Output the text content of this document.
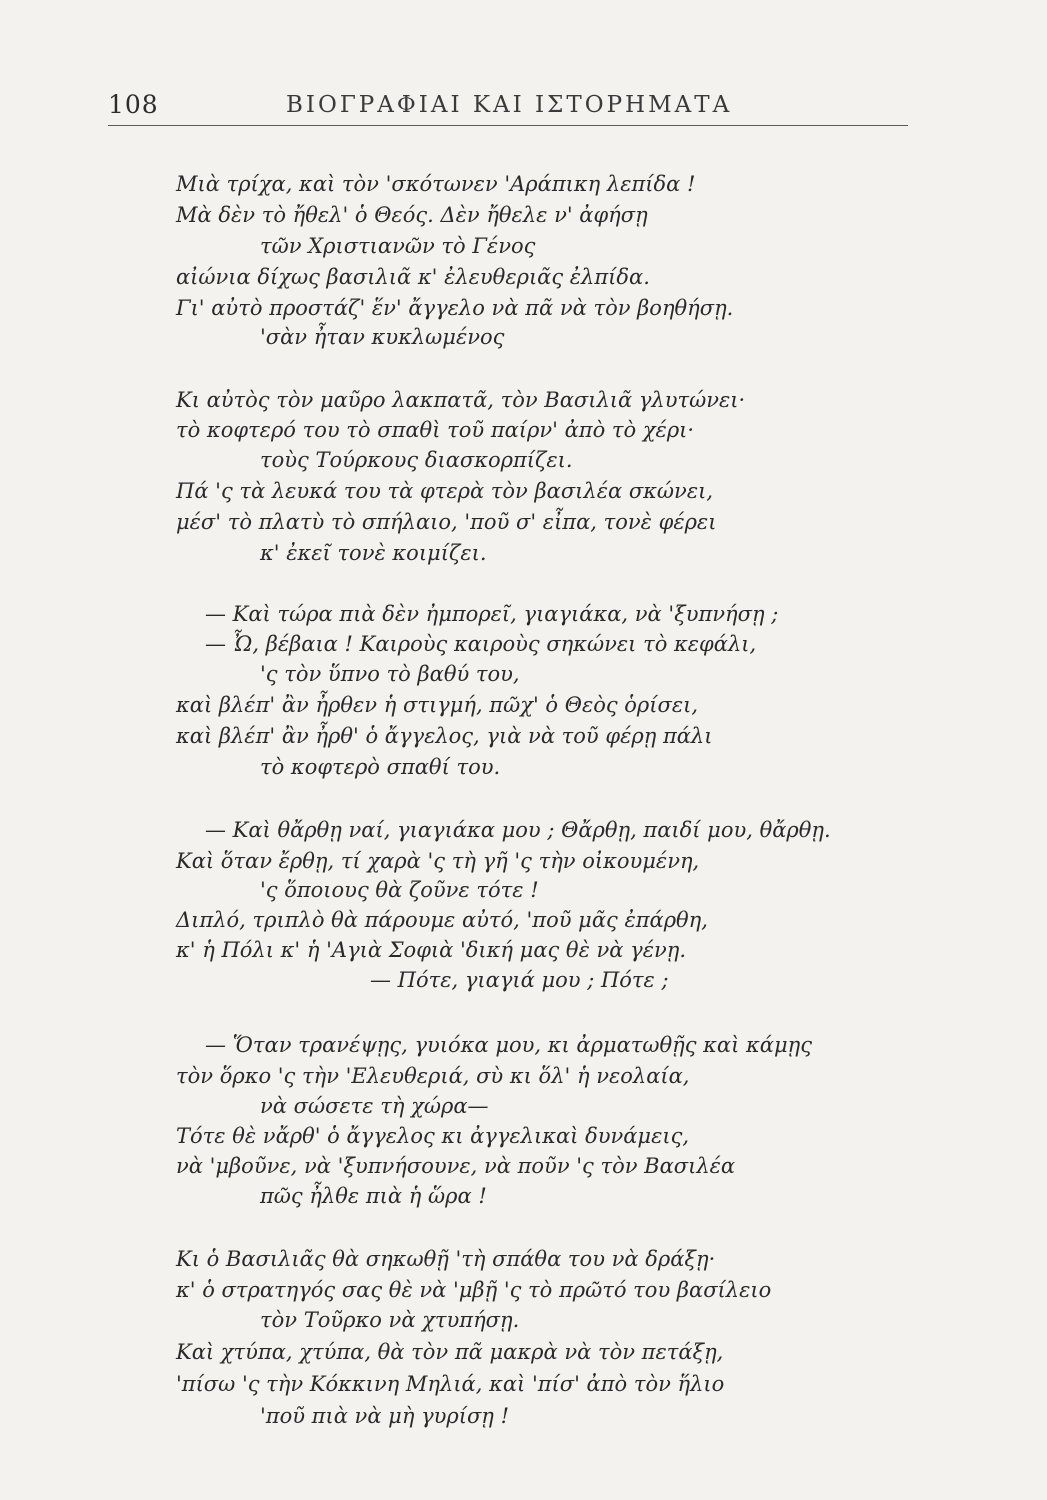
108	ΒΙΟΓΡΑΦΙΑΙ ΚΑΙ ΙΣΤΟΡΗΜΑΤΑ
Μιὰ τρίχα, καὶ τὸν 'σκότωνεν 'Αράπικη λεπίδα !
Μὰ δὲν τὸ ἤθελ' ὁ Θεός. Δὲν ἤθελε ν' ἀφήσῃ
τῶν Χριστιανῶν τὸ Γένος
αἰώνια δίχως βασιλιᾶ κ' ἐλευθεριᾶς ἐλπίδα.
Γι' αὐτὸ προστάζ' ἕν' ἄγγελο νὰ πᾶ νὰ τὸν βοηθήσῃ.
'σὰν ἦταν κυκλωμένος
Κι αὐτὸς τὸν μαῦρο λακπατᾶ, τὸν Βασιλιᾶ γλυτώνει·
τὸ κοφτερό του τὸ σπαθὶ τοῦ παίρν' ἀπὸ τὸ χέρι·
τοὺς Τούρκους διασκορπίζει.
Πά 'ς τὰ λευκά του τὰ φτερὰ τὸν βασιλέα σκώνει,
μέσ' τὸ πλατὺ τὸ σπήλαιο, 'ποῦ σ' εἶπα, τονὲ φέρει
κ' ἐκεῖ τονὲ κοιμίζει.
— Καὶ τώρα πιὰ δὲν ἠμπορεῖ, γιαγιάκα, νὰ 'ξυπνήσῃ ;
— Ὦ, βέβαια ! Καιροὺς καιροὺς σηκώνει τὸ κεφάλι,
'ς τὸν ὕπνο τὸ βαθύ του,
καὶ βλέπ' ἂν ἦρθεν ἡ στιγμή, πῶχ' ὁ Θεὸς ὁρίσει,
καὶ βλέπ' ἂν ἦρθ' ὁ ἄγγελος, γιὰ νὰ τοῦ φέρῃ πάλι
τὸ κοφτερὸ σπαθί του.
— Καὶ θἄρθῃ ναί, γιαγιάκα μου ; Θἄρθῃ, παιδί μου, θἄρθῃ.
Καὶ ὅταν ἔρθῃ, τί χαρὰ 'ς τὴ γῆ 'ς τὴν οἰκουμένη,
'ς ὅποιους θὰ ζοῦνε τότε !
Διπλό, τριπλὸ θὰ πάρουμε αὐτό, 'ποῦ μᾶς ἐπάρθη,
κ' ἡ Πόλι κ' ἡ 'Αγιὰ Σοφιὰ 'δική μας θὲ νὰ γένῃ.
— Πότε, γιαγιά μου ; Πότε ;
— Ὅταν τρανέψῃς, γυιόκα μου, κι ἀρματωθῇς καὶ κάμῃς
τὸν ὅρκο 'ς τὴν 'Ελευθεριά, σὺ κι ὅλ' ἡ νεολαία,
νὰ σώσετε τὴ χώρα—
Τότε θὲ νἄρθ' ὁ ἄγγελος κι ἀγγελικαὶ δυνάμεις,
νὰ 'μβοῦνε, νὰ 'ξυπνήσουνε, νὰ ποῦν 'ς τὸν Βασιλέα
πῶς ἦλθε πιὰ ἡ ὥρα !
Κι ὁ Βασιλιᾶς θὰ σηκωθῇ 'τὴ σπάθα του νὰ δράξῃ·
κ' ὁ στρατηγός σας θὲ νὰ 'μβῇ 'ς τὸ πρῶτό του βασίλειο
τὸν Τοῦρκο νὰ χτυπήσῃ.
Καὶ χτύπα, χτύπα, θὰ τὸν πᾶ μακρὰ νὰ τὸν πετάξῃ,
'πίσω 'ς τὴν Κόκκινη Μηλιά, καὶ 'πίσ' ἀπὸ τὸν ἥλιο
'ποῦ πιὰ νὰ μὴ γυρίσῃ !
